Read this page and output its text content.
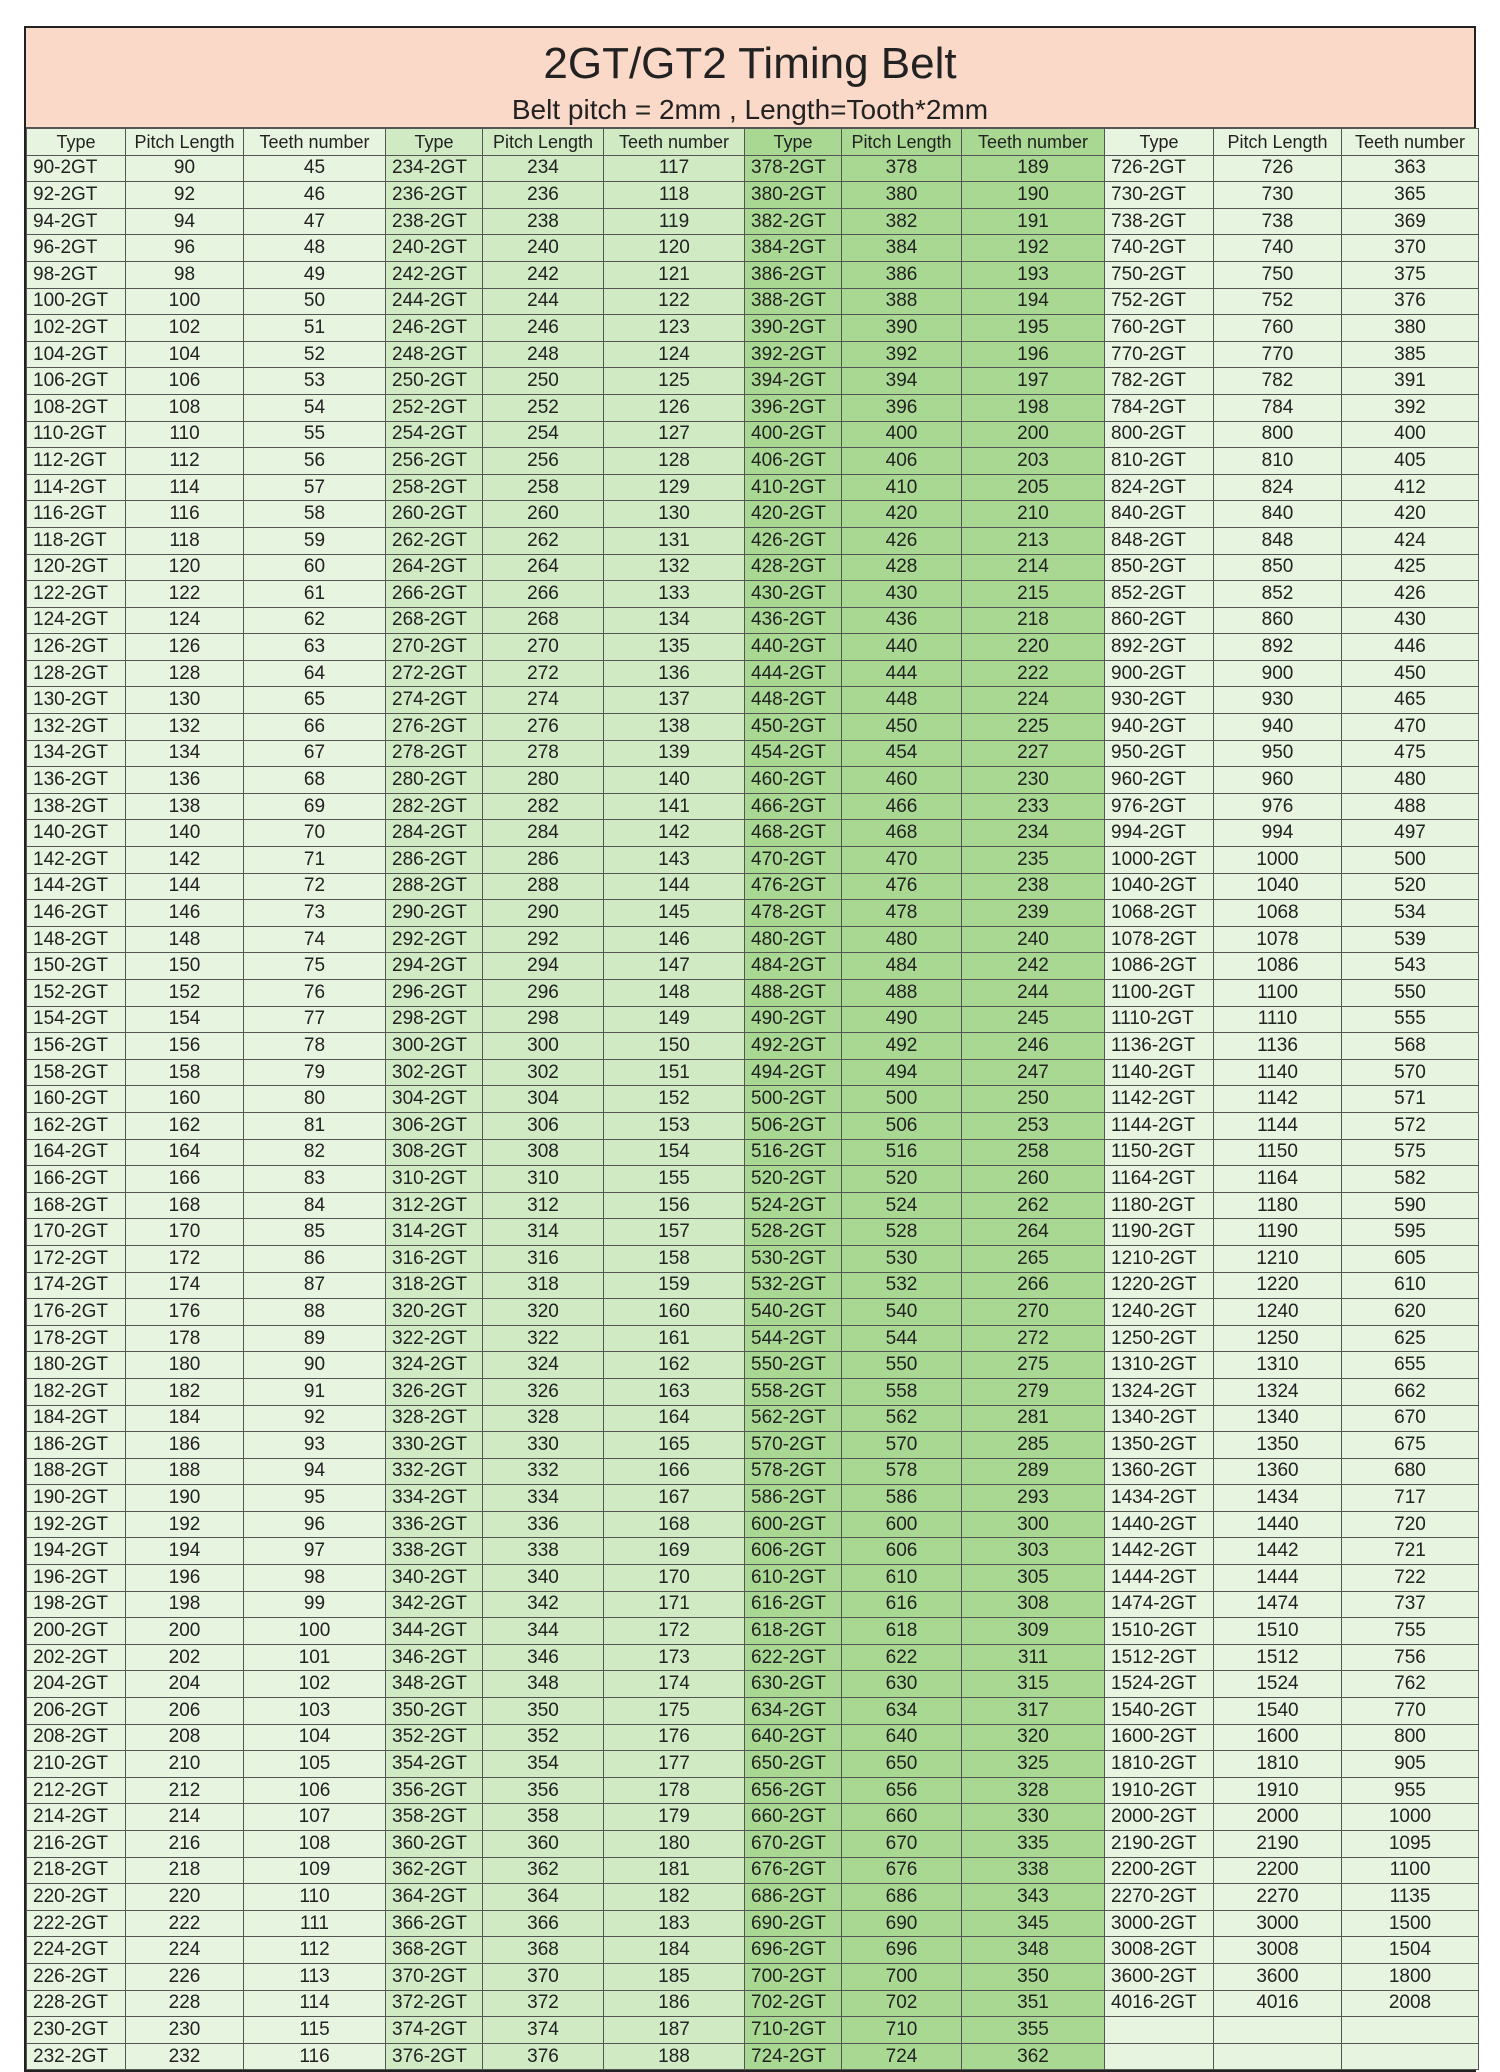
2GT/GT2 Timing Belt
Belt pitch = 2mm , Length=Tooth*2mm
Type	Pitch Length	Teeth number	Type	Pitch Length	Teeth number	Type	Pitch Length	Teeth number	Type	Pitch Length	Teeth number
90-2GT	90	45	234-2GT	234	117	378-2GT	378	189	726-2GT	726	363
92-2GT	92	46	236-2GT	236	118	380-2GT	380	190	730-2GT	730	365
94-2GT	94	47	238-2GT	238	119	382-2GT	382	191	738-2GT	738	369
96-2GT	96	48	240-2GT	240	120	384-2GT	384	192	740-2GT	740	370
98-2GT	98	49	242-2GT	242	121	386-2GT	386	193	750-2GT	750	375
100-2GT	100	50	244-2GT	244	122	388-2GT	388	194	752-2GT	752	376
102-2GT	102	51	246-2GT	246	123	390-2GT	390	195	760-2GT	760	380
104-2GT	104	52	248-2GT	248	124	392-2GT	392	196	770-2GT	770	385
106-2GT	106	53	250-2GT	250	125	394-2GT	394	197	782-2GT	782	391
108-2GT	108	54	252-2GT	252	126	396-2GT	396	198	784-2GT	784	392
110-2GT	110	55	254-2GT	254	127	400-2GT	400	200	800-2GT	800	400
112-2GT	112	56	256-2GT	256	128	406-2GT	406	203	810-2GT	810	405
114-2GT	114	57	258-2GT	258	129	410-2GT	410	205	824-2GT	824	412
116-2GT	116	58	260-2GT	260	130	420-2GT	420	210	840-2GT	840	420
118-2GT	118	59	262-2GT	262	131	426-2GT	426	213	848-2GT	848	424
120-2GT	120	60	264-2GT	264	132	428-2GT	428	214	850-2GT	850	425
122-2GT	122	61	266-2GT	266	133	430-2GT	430	215	852-2GT	852	426
124-2GT	124	62	268-2GT	268	134	436-2GT	436	218	860-2GT	860	430
126-2GT	126	63	270-2GT	270	135	440-2GT	440	220	892-2GT	892	446
128-2GT	128	64	272-2GT	272	136	444-2GT	444	222	900-2GT	900	450
130-2GT	130	65	274-2GT	274	137	448-2GT	448	224	930-2GT	930	465
132-2GT	132	66	276-2GT	276	138	450-2GT	450	225	940-2GT	940	470
134-2GT	134	67	278-2GT	278	139	454-2GT	454	227	950-2GT	950	475
136-2GT	136	68	280-2GT	280	140	460-2GT	460	230	960-2GT	960	480
138-2GT	138	69	282-2GT	282	141	466-2GT	466	233	976-2GT	976	488
140-2GT	140	70	284-2GT	284	142	468-2GT	468	234	994-2GT	994	497
142-2GT	142	71	286-2GT	286	143	470-2GT	470	235	1000-2GT	1000	500
144-2GT	144	72	288-2GT	288	144	476-2GT	476	238	1040-2GT	1040	520
146-2GT	146	73	290-2GT	290	145	478-2GT	478	239	1068-2GT	1068	534
148-2GT	148	74	292-2GT	292	146	480-2GT	480	240	1078-2GT	1078	539
150-2GT	150	75	294-2GT	294	147	484-2GT	484	242	1086-2GT	1086	543
152-2GT	152	76	296-2GT	296	148	488-2GT	488	244	1100-2GT	1100	550
154-2GT	154	77	298-2GT	298	149	490-2GT	490	245	1110-2GT	1110	555
156-2GT	156	78	300-2GT	300	150	492-2GT	492	246	1136-2GT	1136	568
158-2GT	158	79	302-2GT	302	151	494-2GT	494	247	1140-2GT	1140	570
160-2GT	160	80	304-2GT	304	152	500-2GT	500	250	1142-2GT	1142	571
162-2GT	162	81	306-2GT	306	153	506-2GT	506	253	1144-2GT	1144	572
164-2GT	164	82	308-2GT	308	154	516-2GT	516	258	1150-2GT	1150	575
166-2GT	166	83	310-2GT	310	155	520-2GT	520	260	1164-2GT	1164	582
168-2GT	168	84	312-2GT	312	156	524-2GT	524	262	1180-2GT	1180	590
170-2GT	170	85	314-2GT	314	157	528-2GT	528	264	1190-2GT	1190	595
172-2GT	172	86	316-2GT	316	158	530-2GT	530	265	1210-2GT	1210	605
174-2GT	174	87	318-2GT	318	159	532-2GT	532	266	1220-2GT	1220	610
176-2GT	176	88	320-2GT	320	160	540-2GT	540	270	1240-2GT	1240	620
178-2GT	178	89	322-2GT	322	161	544-2GT	544	272	1250-2GT	1250	625
180-2GT	180	90	324-2GT	324	162	550-2GT	550	275	1310-2GT	1310	655
182-2GT	182	91	326-2GT	326	163	558-2GT	558	279	1324-2GT	1324	662
184-2GT	184	92	328-2GT	328	164	562-2GT	562	281	1340-2GT	1340	670
186-2GT	186	93	330-2GT	330	165	570-2GT	570	285	1350-2GT	1350	675
188-2GT	188	94	332-2GT	332	166	578-2GT	578	289	1360-2GT	1360	680
190-2GT	190	95	334-2GT	334	167	586-2GT	586	293	1434-2GT	1434	717
192-2GT	192	96	336-2GT	336	168	600-2GT	600	300	1440-2GT	1440	720
194-2GT	194	97	338-2GT	338	169	606-2GT	606	303	1442-2GT	1442	721
196-2GT	196	98	340-2GT	340	170	610-2GT	610	305	1444-2GT	1444	722
198-2GT	198	99	342-2GT	342	171	616-2GT	616	308	1474-2GT	1474	737
200-2GT	200	100	344-2GT	344	172	618-2GT	618	309	1510-2GT	1510	755
202-2GT	202	101	346-2GT	346	173	622-2GT	622	311	1512-2GT	1512	756
204-2GT	204	102	348-2GT	348	174	630-2GT	630	315	1524-2GT	1524	762
206-2GT	206	103	350-2GT	350	175	634-2GT	634	317	1540-2GT	1540	770
208-2GT	208	104	352-2GT	352	176	640-2GT	640	320	1600-2GT	1600	800
210-2GT	210	105	354-2GT	354	177	650-2GT	650	325	1810-2GT	1810	905
212-2GT	212	106	356-2GT	356	178	656-2GT	656	328	1910-2GT	1910	955
214-2GT	214	107	358-2GT	358	179	660-2GT	660	330	2000-2GT	2000	1000
216-2GT	216	108	360-2GT	360	180	670-2GT	670	335	2190-2GT	2190	1095
218-2GT	218	109	362-2GT	362	181	676-2GT	676	338	2200-2GT	2200	1100
220-2GT	220	110	364-2GT	364	182	686-2GT	686	343	2270-2GT	2270	1135
222-2GT	222	111	366-2GT	366	183	690-2GT	690	345	3000-2GT	3000	1500
224-2GT	224	112	368-2GT	368	184	696-2GT	696	348	3008-2GT	3008	1504
226-2GT	226	113	370-2GT	370	185	700-2GT	700	350	3600-2GT	3600	1800
228-2GT	228	114	372-2GT	372	186	702-2GT	702	351	4016-2GT	4016	2008
230-2GT	230	115	374-2GT	374	187	710-2GT	710	355			
232-2GT	232	116	376-2GT	376	188	724-2GT	724	362			
